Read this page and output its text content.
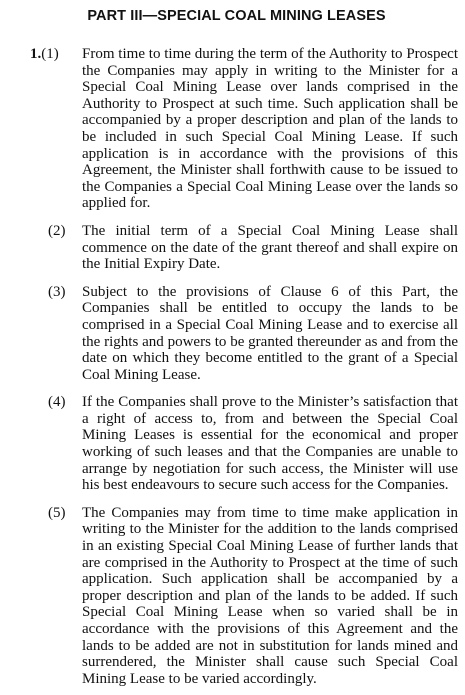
PART III—SPECIAL COAL MINING LEASES
1.(1) From time to time during the term of the Authority to Prospect the Companies may apply in writing to the Minister for a Special Coal Mining Lease over lands comprised in the Authority to Prospect at such time. Such application shall be accompanied by a proper description and plan of the lands to be included in such Special Coal Mining Lease. If such application is in accordance with the provisions of this Agreement, the Minister shall forthwith cause to be issued to the Companies a Special Coal Mining Lease over the lands so applied for.
(2) The initial term of a Special Coal Mining Lease shall commence on the date of the grant thereof and shall expire on the Initial Expiry Date.
(3) Subject to the provisions of Clause 6 of this Part, the Companies shall be entitled to occupy the lands to be comprised in a Special Coal Mining Lease and to exercise all the rights and powers to be granted thereunder as and from the date on which they become entitled to the grant of a Special Coal Mining Lease.
(4) If the Companies shall prove to the Minister’s satisfaction that a right of access to, from and between the Special Coal Mining Leases is essential for the economical and proper working of such leases and that the Companies are unable to arrange by negotiation for such access, the Minister will use his best endeavours to secure such access for the Companies.
(5) The Companies may from time to time make application in writing to the Minister for the addition to the lands comprised in an existing Special Coal Mining Lease of further lands that are comprised in the Authority to Prospect at the time of such application. Such application shall be accompanied by a proper description and plan of the lands to be added. If such Special Coal Mining Lease when so varied shall be in accordance with the provisions of this Agreement and the lands to be added are not in substitution for lands mined and surrendered, the Minister shall cause such Special Coal Mining Lease to be varied accordingly.
